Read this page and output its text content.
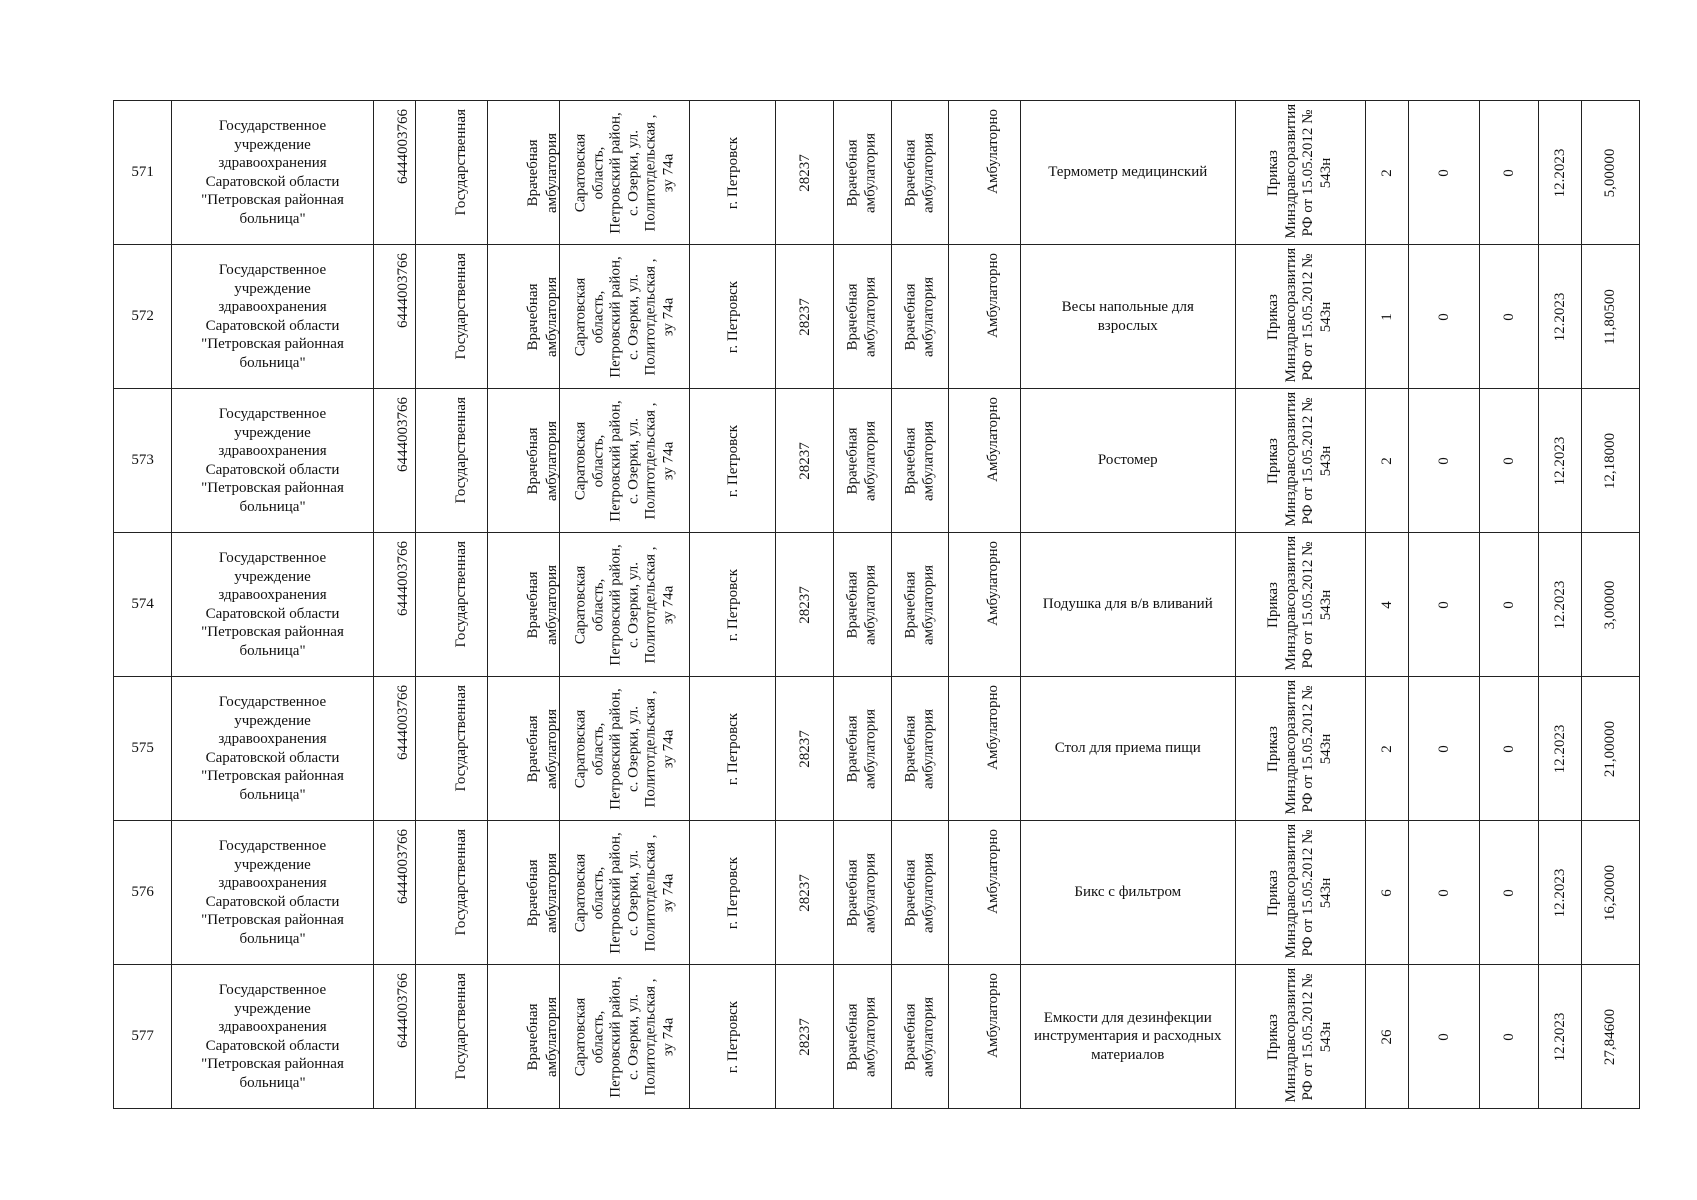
571	Государственное учреждение здравоохранения Саратовской области "Петровская районная больница"	6444003766	Государственная	Врачебная амбулатория	Саратовская область, Петровский район, с. Озерки, ул. Политотдельская , зу 74а	г. Петровск	28237	Врачебная амбулатория	Врачебная амбулатория	Амбулаторно	Термометр медицинский	Приказ Минздравсоразвития РФ от 15.05.2012 № 543н	2	0	0	12.2023	5,00000

572	Государственное учреждение здравоохранения Саратовской области "Петровская районная больница"	6444003766	Государственная	Врачебная амбулатория	Саратовская область, Петровский район, с. Озерки, ул. Политотдельская , зу 74а	г. Петровск	28237	Врачебная амбулатория	Врачебная амбулатория	Амбулаторно	Весы напольные для взрослых	Приказ Минздравсоразвития РФ от 15.05.2012 № 543н	1	0	0	12.2023	11,80500

573	Государственное учреждение здравоохранения Саратовской области "Петровская районная больница"	6444003766	Государственная	Врачебная амбулатория	Саратовская область, Петровский район, с. Озерки, ул. Политотдельская , зу 74а	г. Петровск	28237	Врачебная амбулатория	Врачебная амбулатория	Амбулаторно	Ростомер	Приказ Минздравсоразвития РФ от 15.05.2012 № 543н	2	0	0	12.2023	12,18000

574	Государственное учреждение здравоохранения Саратовской области "Петровская районная больница"	6444003766	Государственная	Врачебная амбулатория	Саратовская область, Петровский район, с. Озерки, ул. Политотдельская , зу 74а	г. Петровск	28237	Врачебная амбулатория	Врачебная амбулатория	Амбулаторно	Подушка для в/в вливаний	Приказ Минздравсоразвития РФ от 15.05.2012 № 543н	4	0	0	12.2023	3,00000

575	Государственное учреждение здравоохранения Саратовской области "Петровская районная больница"	6444003766	Государственная	Врачебная амбулатория	Саратовская область, Петровский район, с. Озерки, ул. Политотдельская , зу 74а	г. Петровск	28237	Врачебная амбулатория	Врачебная амбулатория	Амбулаторно	Стол для приема пищи	Приказ Минздравсоразвития РФ от 15.05.2012 № 543н	2	0	0	12.2023	21,00000

576	Государственное учреждение здравоохранения Саратовской области "Петровская районная больница"	6444003766	Государственная	Врачебная амбулатория	Саратовская область, Петровский район, с. Озерки, ул. Политотдельская , зу 74а	г. Петровск	28237	Врачебная амбулатория	Врачебная амбулатория	Амбулаторно	Бикс с фильтром	Приказ Минздравсоразвития РФ от 15.05.2012 № 543н	6	0	0	12.2023	16,20000

577	Государственное учреждение здравоохранения Саратовской области "Петровская районная больница"	6444003766	Государственная	Врачебная амбулатория	Саратовская область, Петровский район, с. Озерки, ул. Политотдельская , зу 74а	г. Петровск	28237	Врачебная амбулатория	Врачебная амбулатория	Амбулаторно	Емкости для дезинфекции инструментария и расходных материалов	Приказ Минздравсоразвития РФ от 15.05.2012 № 543н	26	0	0	12.2023	27,84600
